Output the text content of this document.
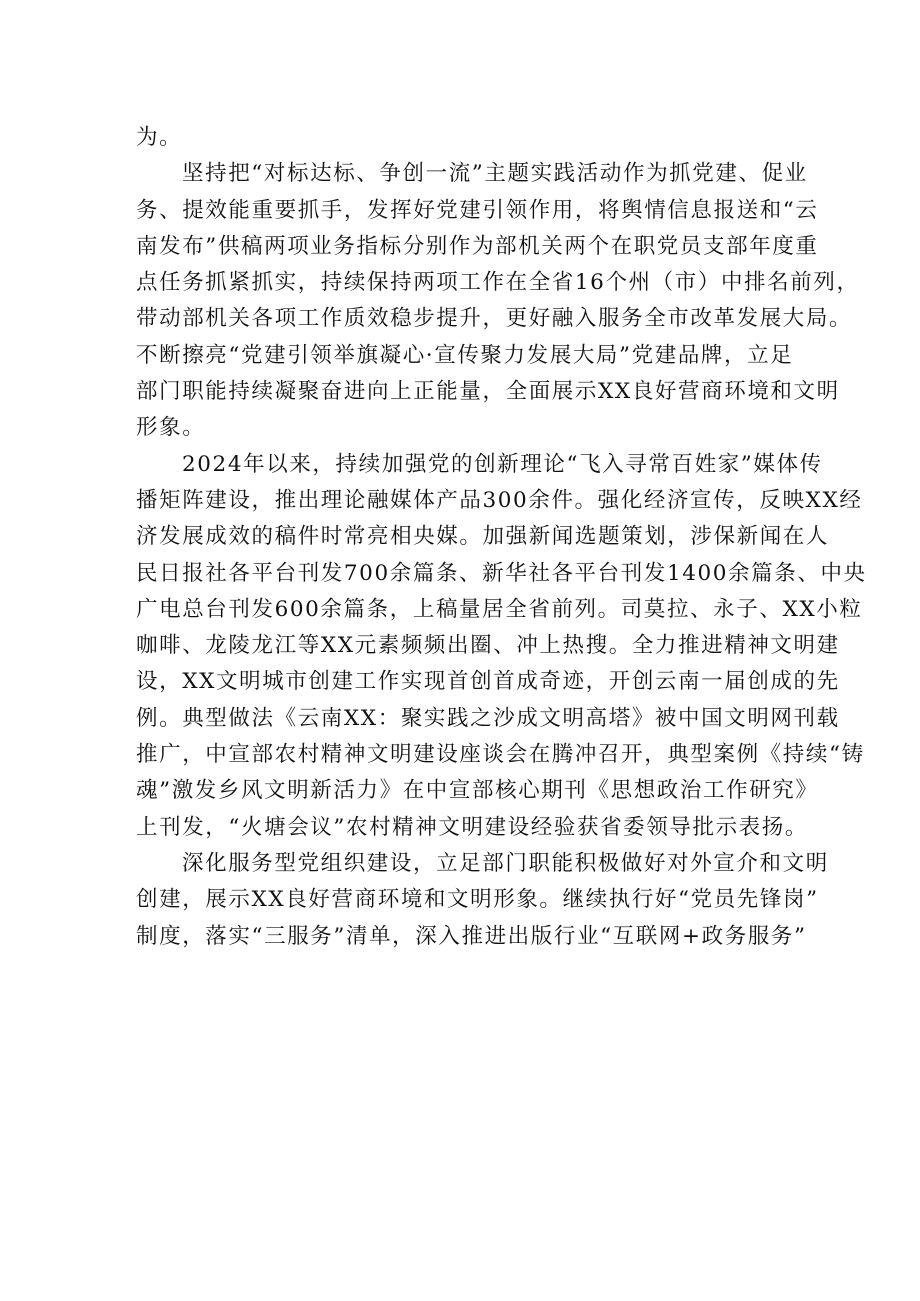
为。

坚持把“对标达标、争创一流”主题实践活动作为抓党建、促业
务、提效能重要抓手，发挥好党建引领作用，将舆情信息报送和“云
南发布”供稿两项业务指标分别作为部机关两个在职党员支部年度重
点任务抓紧抓实，持续保持两项工作在全省16个州（市）中排名前列，
带动部机关各项工作质效稳步提升，更好融入服务全市改革发展大局。
不断擦亮“党建引领举旗凝心·宣传聚力发展大局”党建品牌，立足
部门职能持续凝聚奋进向上正能量，全面展示XX良好营商环境和文明
形象。

2024年以来，持续加强党的创新理论“飞入寻常百姓家”媒体传
播矩阵建设，推出理论融媒体产品300余件。强化经济宣传，反映XX经
济发展成效的稿件时常亮相央媒。加强新闻选题策划，涉保新闻在人
民日报社各平台刊发700余篇条、新华社各平台刊发1400余篇条、中央
广电总台刊发600余篇条，上稿量居全省前列。司莫拉、永子、XX小粒
咖啡、龙陵龙江等XX元素频频出圈、冲上热搜。全力推进精神文明建
设，XX文明城市创建工作实现首创首成奇迹，开创云南一届创成的先
例。典型做法《云南XX：聚实践之沙成文明高塔》被中国文明网刊载
推广，中宣部农村精神文明建设座谈会在腾冲召开，典型案例《持续“铸
魂”激发乡风文明新活力》在中宣部核心期刊《思想政治工作研究》
上刊发，“火塘会议”农村精神文明建设经验获省委领导批示表扬。

深化服务型党组织建设，立足部门职能积极做好对外宣介和文明
创建，展示XX良好营商环境和文明形象。继续执行好“党员先锋岗”
制度，落实“三服务”清单，深入推进出版行业“互联网+政务服务”
